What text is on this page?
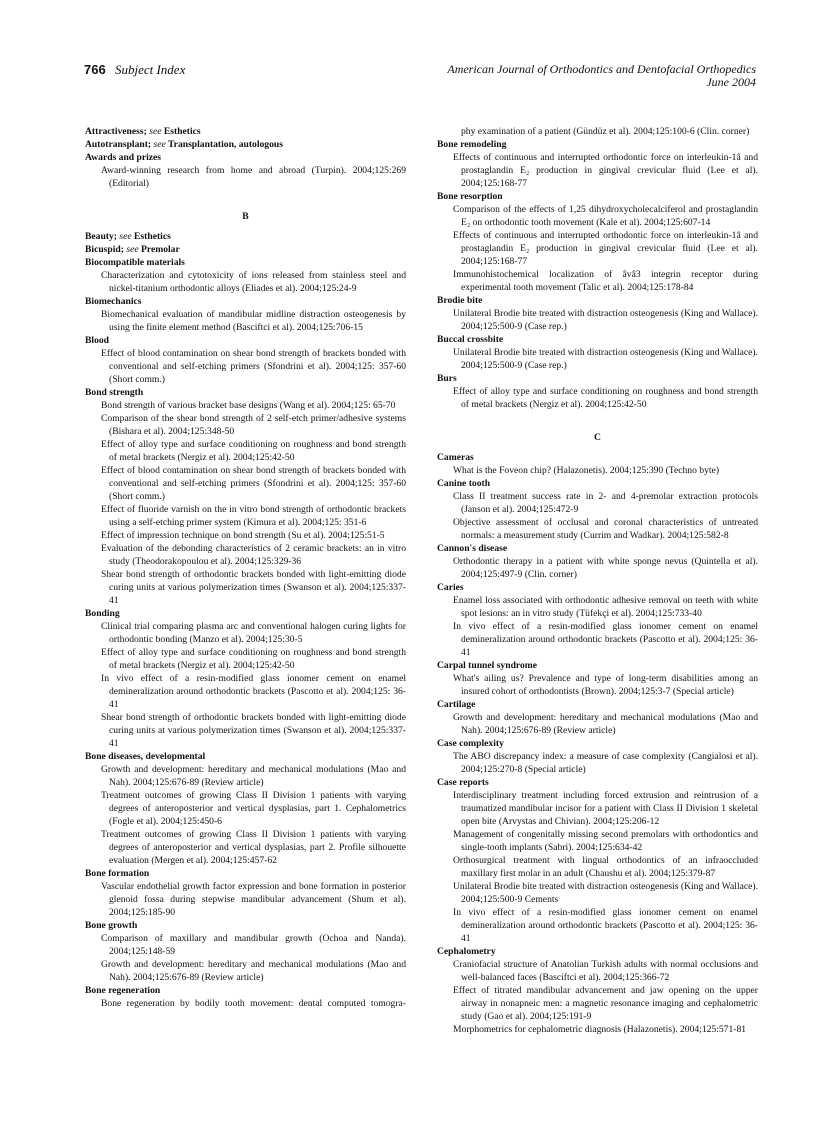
766 Subject Index	American Journal of Orthodontics and Dentofacial Orthopedics
June 2004
Attractiveness; see Esthetics
Autotransplant; see Transplantation, autologous
Awards and prizes
Award-winning research from home and abroad (Turpin). 2004;125:269 (Editorial)
B
Beauty; see Esthetics
Bicuspid; see Premolar
Biocompatible materials
Characterization and cytotoxicity of ions released from stainless steel and nickel-titanium orthodontic alloys (Eliades et al). 2004;125:24-9
Biomechanics
Biomechanical evaluation of mandibular midline distraction osteogenesis by using the finite element method (Basciftci et al). 2004;125:706-15
Blood
Effect of blood contamination on shear bond strength of brackets bonded with conventional and self-etching primers (Sfondrini et al). 2004;125: 357-60 (Short comm.)
Bond strength
Bond strength of various bracket base designs (Wang et al). 2004;125: 65-70
Comparison of the shear bond strength of 2 self-etch primer/adhesive systems (Bishara et al). 2004;125:348-50
Effect of alloy type and surface conditioning on roughness and bond strength of metal brackets (Nergiz et al). 2004;125:42-50
Effect of blood contamination on shear bond strength of brackets bonded with conventional and self-etching primers (Sfondrini et al). 2004;125: 357-60 (Short comm.)
Effect of fluoride varnish on the in vitro bond strength of orthodontic brackets using a self-etching primer system (Kimura et al). 2004;125: 351-6
Effect of impression technique on bond strength (Su et al). 2004;125:51-5
Evaluation of the debonding characteristics of 2 ceramic brackets: an in vitro study (Theodorakopoulou et al). 2004;125:329-36
Shear bond strength of orthodontic brackets bonded with light-emitting diode curing units at various polymerization times (Swanson et al). 2004;125:337-41
Bonding
Clinical trial comparing plasma arc and conventional halogen curing lights for orthodontic bonding (Manzo et al). 2004;125:30-5
Effect of alloy type and surface conditioning on roughness and bond strength of metal brackets (Nergiz et al). 2004;125:42-50
In vivo effect of a resin-modified glass ionomer cement on enamel demineralization around orthodontic brackets (Pascotto et al). 2004;125: 36-41
Shear bond strength of orthodontic brackets bonded with light-emitting diode curing units at various polymerization times (Swanson et al). 2004;125:337-41
Bone diseases, developmental
Growth and development: hereditary and mechanical modulations (Mao and Nah). 2004;125:676-89 (Review article)
Treatment outcomes of growing Class II Division 1 patients with varying degrees of anteroposterior and vertical dysplasias, part 1. Cephalometrics (Fogle et al). 2004;125:450-6
Treatment outcomes of growing Class II Division 1 patients with varying degrees of anteroposterior and vertical dysplasias, part 2. Profile silhouette evaluation (Mergen et al). 2004;125:457-62
Bone formation
Vascular endothelial growth factor expression and bone formation in posterior glenoid fossa during stepwise mandibular advancement (Shum et al). 2004;125:185-90
Bone growth
Comparison of maxillary and mandibular growth (Ochoa and Nanda). 2004;125:148-59
Growth and development: hereditary and mechanical modulations (Mao and Nah). 2004;125:676-89 (Review article)
Bone regeneration
Bone regeneration by bodily tooth movement: dental computed tomogra-
phy examination of a patient (Gündüz et al). 2004;125:100-6 (Clin. corner)
Bone remodeling
Effects of continuous and interrupted orthodontic force on interleukin-1â and prostaglandin E₂ production in gingival crevicular fluid (Lee et al). 2004;125:168-77
Bone resorption
Comparison of the effects of 1,25 dihydroxycholecalciferol and prostaglandin E₂ on orthodontic tooth movement (Kale et al). 2004;125:607-14
Effects of continuous and interrupted orthodontic force on interleukin-1â and prostaglandin E₂ production in gingival crevicular fluid (Lee et al). 2004;125:168-77
Immunohistochemical localization of âvâ3 integrin receptor during experimental tooth movement (Talic et al). 2004;125:178-84
Brodie bite
Unilateral Brodie bite treated with distraction osteogenesis (King and Wallace). 2004;125:500-9 (Case rep.)
Buccal crossbite
Unilateral Brodie bite treated with distraction osteogenesis (King and Wallace). 2004;125:500-9 (Case rep.)
Burs
Effect of alloy type and surface conditioning on roughness and bond strength of metal brackets (Nergiz et al). 2004;125:42-50
C
Cameras
What is the Foveon chip? (Halazonetis). 2004;125:390 (Techno byte)
Canine tooth
Class II treatment success rate in 2- and 4-premolar extraction protocols (Janson et al). 2004;125:472-9
Objective assessment of occlusal and coronal characteristics of untreated normals: a measurement study (Currim and Wadkar). 2004;125:582-8
Cannon's disease
Orthodontic therapy in a patient with white sponge nevus (Quintella et al). 2004;125:497-9 (Clin. corner)
Caries
Enamel loss associated with orthodontic adhesive removal on teeth with white spot lesions: an in vitro study (Tüfekçi et al). 2004;125:733-40
In vivo effect of a resin-modified glass ionomer cement on enamel demineralization around orthodontic brackets (Pascotto et al). 2004;125: 36-41
Carpal tunnel syndrome
What's ailing us? Prevalence and type of long-term disabilities among an insured cohort of orthodontists (Brown). 2004;125:3-7 (Special article)
Cartilage
Growth and development: hereditary and mechanical modulations (Mao and Nah). 2004;125:676-89 (Review article)
Case complexity
The ABO discrepancy index: a measure of case complexity (Cangialosi et al). 2004;125:270-8 (Special article)
Case reports
Interdisciplinary treatment including forced extrusion and reintrusion of a traumatized mandibular incisor for a patient with Class II Division 1 skeletal open bite (Arvystas and Chivian). 2004;125:206-12
Management of congenitally missing second premolars with orthodontics and single-tooth implants (Sabri). 2004;125:634-42
Orthosurgical treatment with lingual orthodontics of an infraoccluded maxillary first molar in an adult (Chaushu et al). 2004;125:379-87
Unilateral Brodie bite treated with distraction osteogenesis (King and Wallace). 2004;125:500-9 Cements
In vivo effect of a resin-modified glass ionomer cement on enamel demineralization around orthodontic brackets (Pascotto et al). 2004;125: 36-41
Cephalometry
Craniofacial structure of Anatolian Turkish adults with normal occlusions and well-balanced faces (Basciftci et al). 2004;125:366-72
Effect of titrated mandibular advancement and jaw opening on the upper airway in nonapneic men: a magnetic resonance imaging and cephalometric study (Gao et al). 2004;125:191-9
Morphometrics for cephalometric diagnosis (Halazonetis). 2004;125:571-81
